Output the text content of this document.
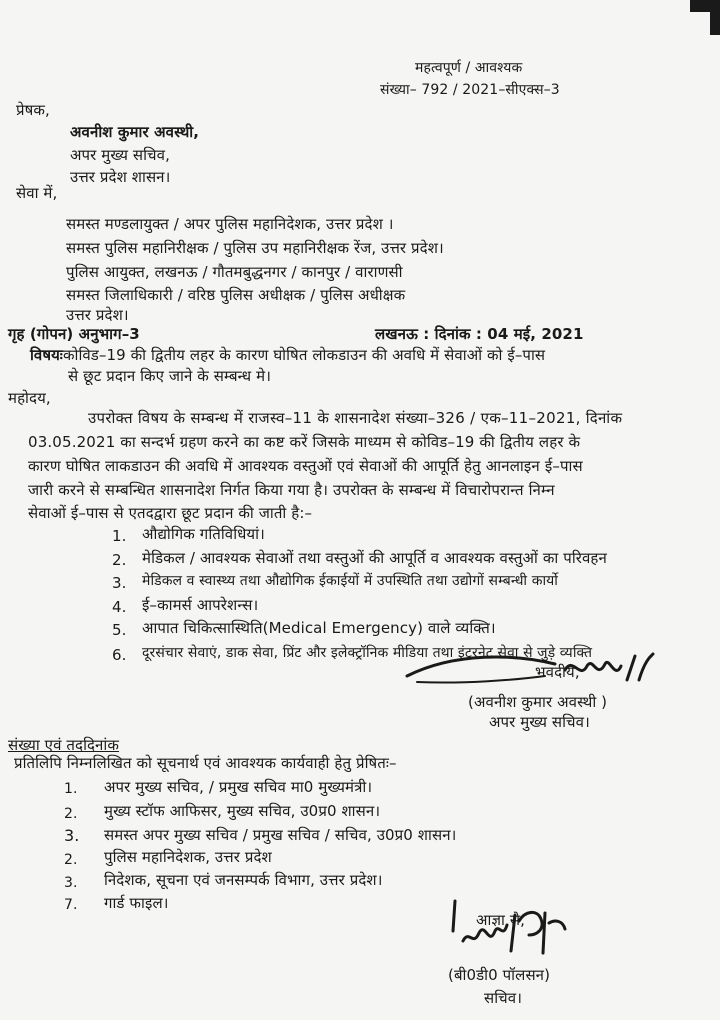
महत्वपूर्ण / आवश्यक
संख्या– 792 / 2021–सीएक्स–3
प्रेषक,
अवनीश कुमार अवस्थी,
अपर मुख्य सचिव,
उत्तर प्रदेश शासन।
सेवा में,
समस्त मण्डलायुक्त / अपर पुलिस महानिदेशक, उत्तर प्रदेश ।
समस्त पुलिस महानिरीक्षक / पुलिस उप महानिरीक्षक रेंज, उत्तर प्रदेश।
पुलिस आयुक्त, लखनऊ / गौतमबुद्धनगर / कानपुर / वाराणसी
समस्त जिलाधिकारी / वरिष्ठ पुलिस अधीक्षक / पुलिस अधीक्षक
उत्तर प्रदेश।
गृह (गोपन) अनुभाग–3	लखनऊ : दिनांक : 04 मई, 2021
विषयःकोविड–19 की द्वितीय लहर के कारण घोषित लोकडाउन की अवधि में सेवाओं को ई–पास
से छूट प्रदान किए जाने के सम्बन्ध मे।
महोदय,
उपरोक्त विषय के सम्बन्ध में राजस्व–11 के शासनादेश संख्या–326 / एक–11–2021, दिनांक
03.05.2021 का सन्दर्भ ग्रहण करने का कष्ट करें जिसके माध्यम से कोविड–19 की द्वितीय लहर के
कारण घोषित लाकडाउन की अवधि में आवश्यक वस्तुओं एवं सेवाओं की आपूर्ति हेतु आनलाइन ई–पास
जारी करने से सम्बन्धित शासनादेश निर्गत किया गया है। उपरोक्त के सम्बन्ध में विचारोपरान्त निम्न
सेवाओं ई–पास से एतदद्वारा छूट प्रदान की जाती है:–
1. औद्योगिक गतिविधियां।
2. मेडिकल / आवश्यक सेवाओं तथा वस्तुओं की आपूर्ति व आवश्यक वस्तुओं का परिवहन
3. मेडिकल व स्वास्थ्य तथा औद्योगिक ईकाईयों में उपस्थिति तथा उद्योगों सम्बन्धी कार्यो
4. ई–कामर्स आपरेशन्स।
5. आपात चिकित्सास्थिति(Medical Emergency) वाले व्यक्ति।
6. दूरसंचार सेवाएं, डाक सेवा, प्रिंट और इलेक्ट्रॉनिक मीडिया तथा इंटरनेट सेवा से जुड़े व्यक्ति
भवदीय,
(अवनीश कुमार अवस्थी )
अपर मुख्य सचिव।
संख्या एवं तददिनांक
प्रतिलिपि निम्नलिखित को सूचनार्थ एवं आवश्यक कार्यवाही हेतु प्रेषितः–
1. अपर मुख्य सचिव, / प्रमुख सचिव मा0 मुख्यमंत्री।
2. मुख्य स्टॉफ आफिसर, मुख्य सचिव, उ0प्र0 शासन।
3. समस्त अपर मुख्य सचिव / प्रमुख सचिव / सचिव, उ0प्र0 शासन।
2. पुलिस महानिदेशक, उत्तर प्रदेश
3. निदेशक, सूचना एवं जनसम्पर्क विभाग, उत्तर प्रदेश।
7. गार्ड फाइल।
आज्ञा से,
(बी0डी0 पॉलसन)
सचिव।
